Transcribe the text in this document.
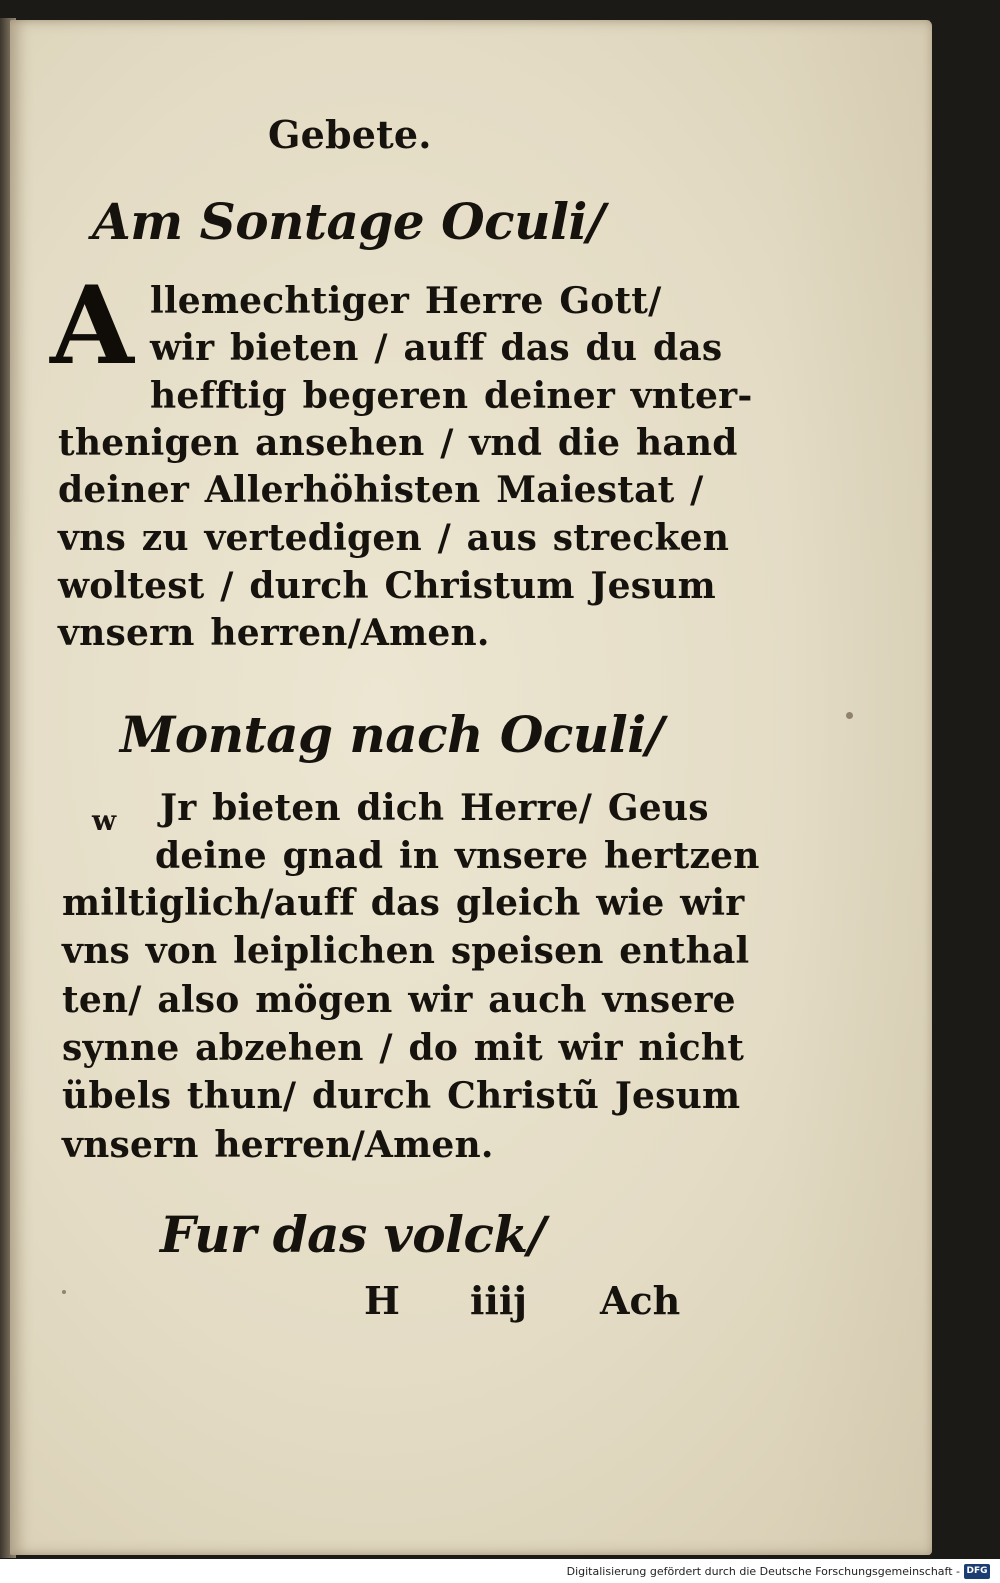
Gebete.
Am Sontage Oculi/
A llemechtiger Herre Gott/
wir bieten / auff das du das
hefftig begeren deiner vnter-
thenigen ansehen / vnd die hand
deiner Allerhöhisten Maiestat /
vns zu vertedigen / aus strecken
woltest / durch Christum Jesum
vnsern herren/Amen.
Montag nach Oculi/
w Jr bieten dich Herre/ Geus
deine gnad in vnsere hertzen
miltiglich/auff das gleich wie wir
vns von leiplichen speisen enthal
ten/ also mögen wir auch vnsere
synne abzehen / do mit wir nicht
übels thun/ durch Christũ Jesum
vnsern herren/Amen.
Fur das volck/
H iiij Ach
Digitalisierung gefördert durch die Deutsche Forschungsgemeinschaft - DFG
